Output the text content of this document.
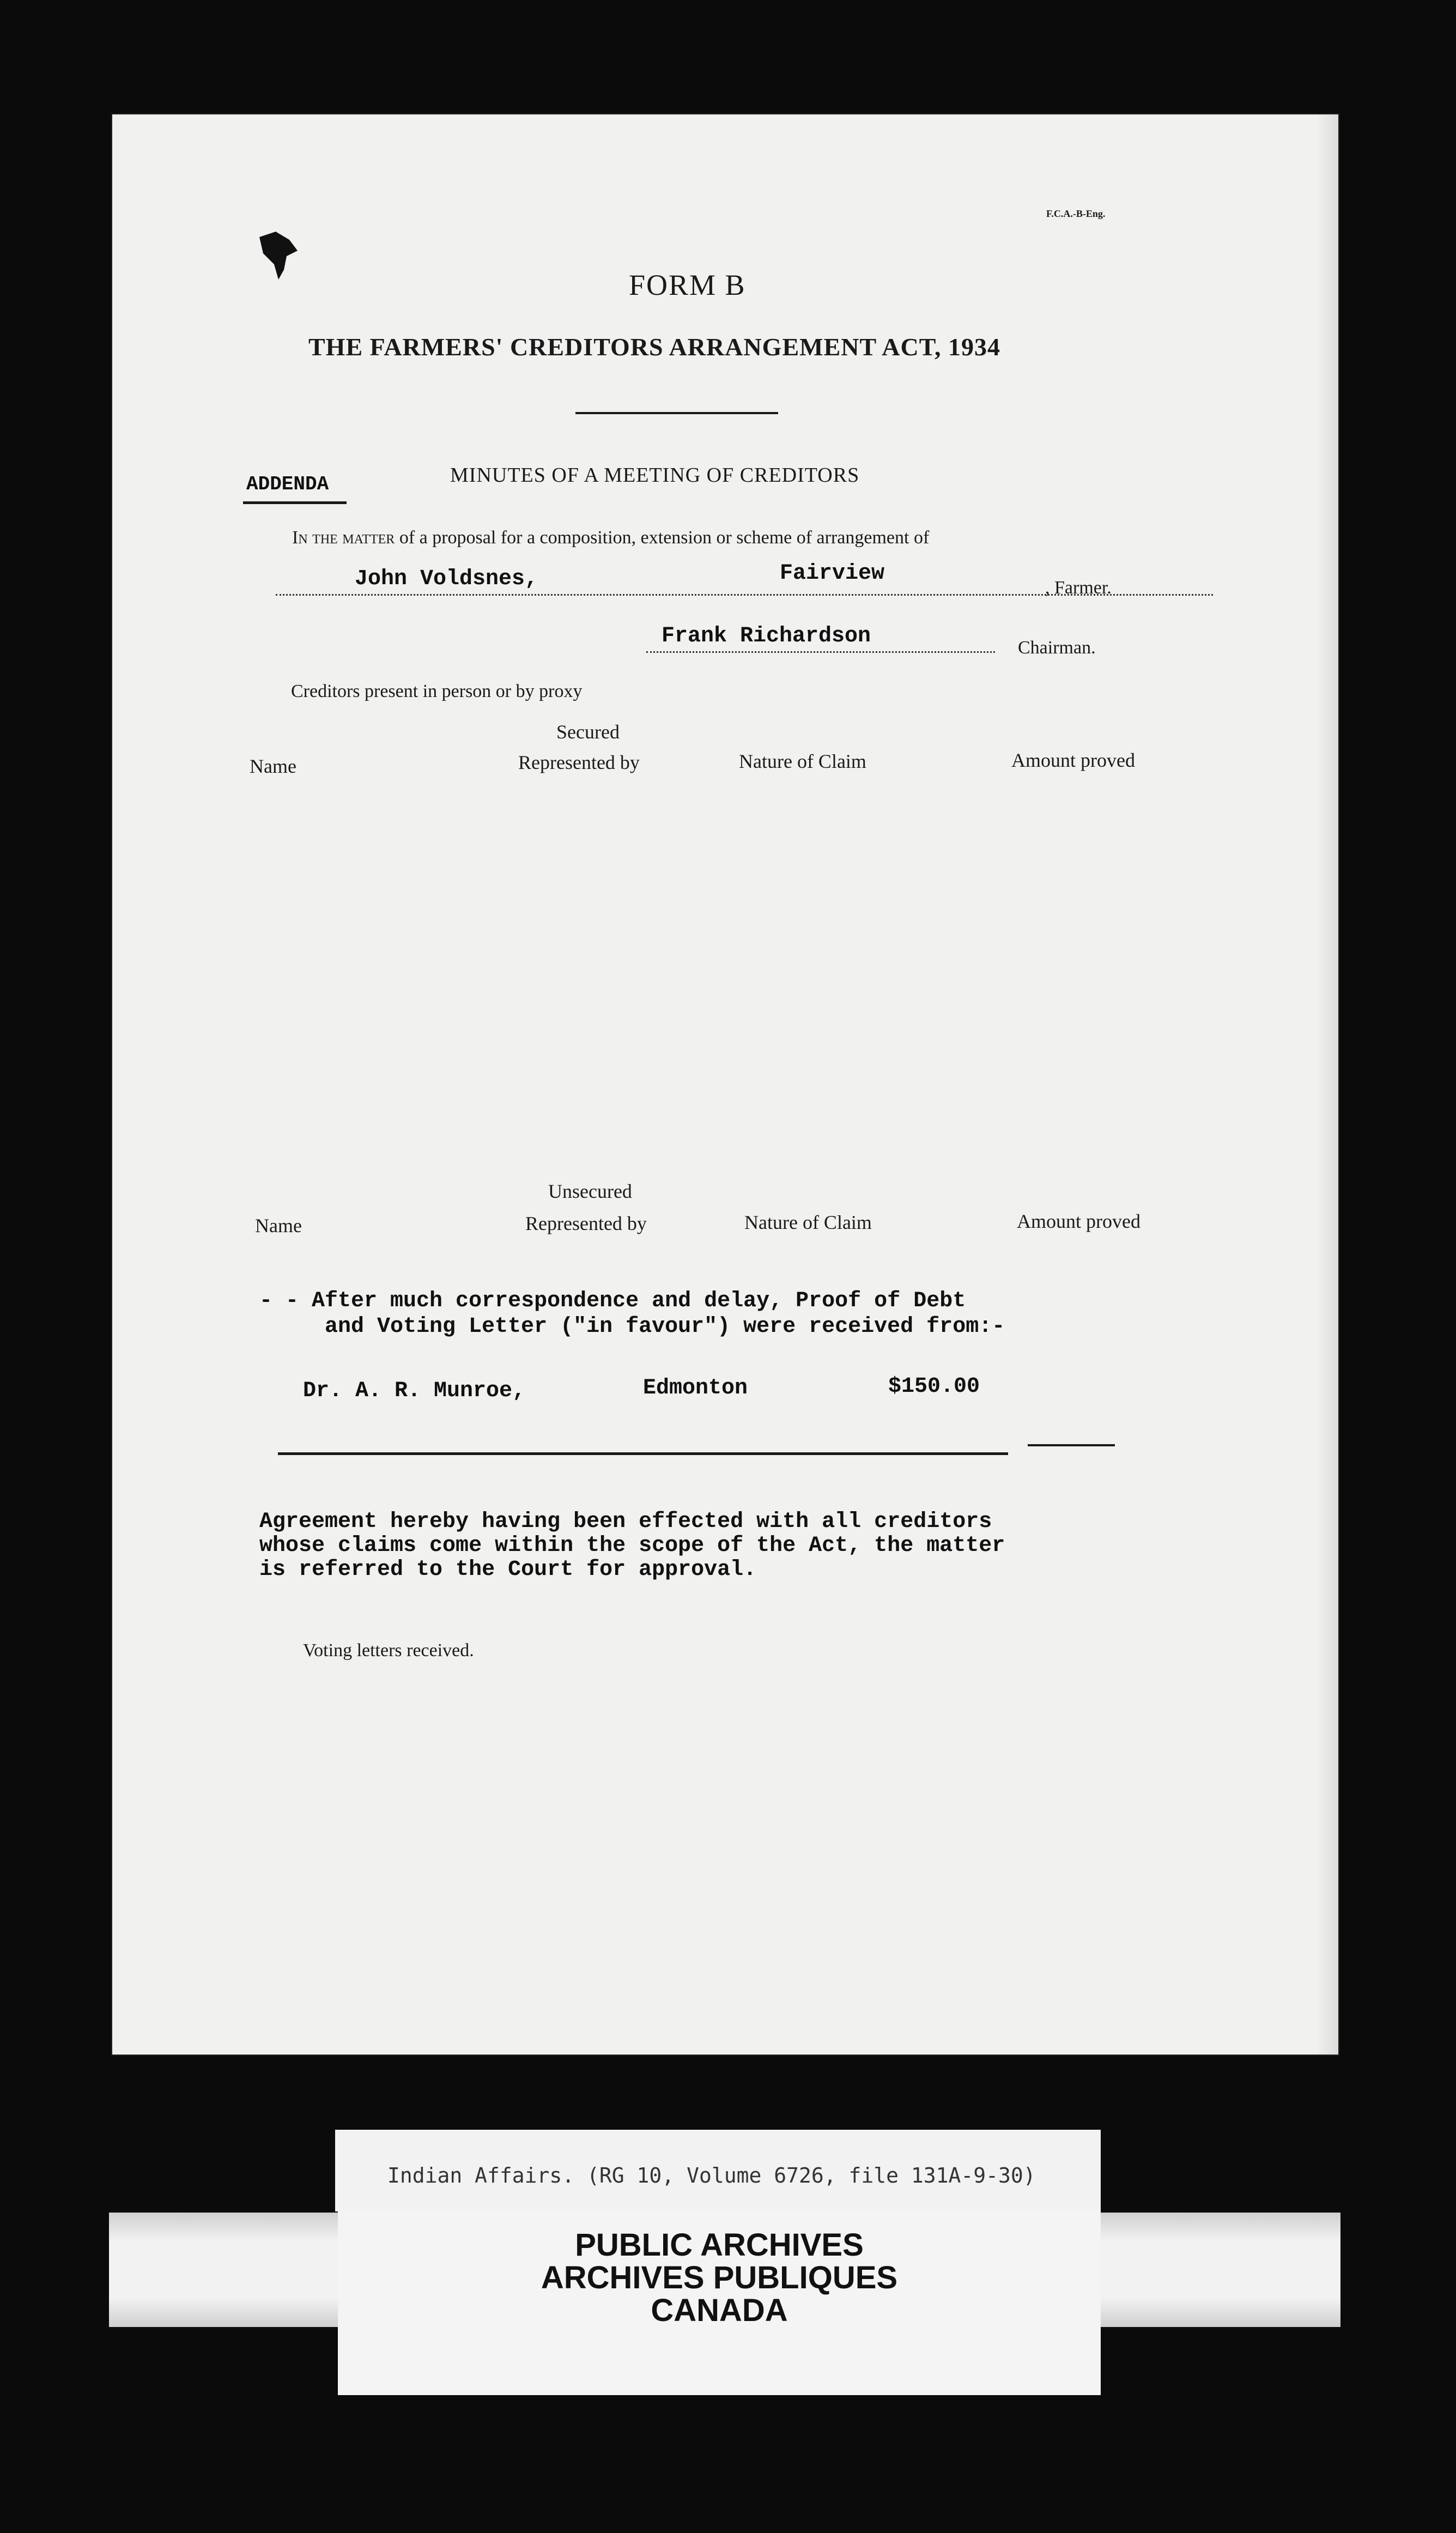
F.C.A.-B-Eng.
FORM B
THE FARMERS' CREDITORS ARRANGEMENT ACT, 1934
ADDENDA	MINUTES OF A MEETING OF CREDITORS
In the matter of a proposal for a composition, extension or scheme of arrangement of
John Voldsnes,	Fairview
, Farmer.
Frank Richardson	Chairman.
Creditors present in person or by proxy
Secured
Name	Represented by	Nature of Claim	Amount proved
Unsecured
Name	Represented by	Nature of Claim	Amount proved
- - After much correspondence and delay, Proof of Debt
and Voting Letter ("in favour") were received from:-
Dr. A. R. Munroe,	Edmonton	$150.00
Agreement hereby having been effected with all creditors
whose claims come within the scope of the Act, the matter
is referred to the Court for approval.
Voting letters received.
Indian Affairs. (RG 10, Volume 6726, file 131A-9-30)
PUBLIC ARCHIVES
ARCHIVES PUBLIQUES
CANADA
